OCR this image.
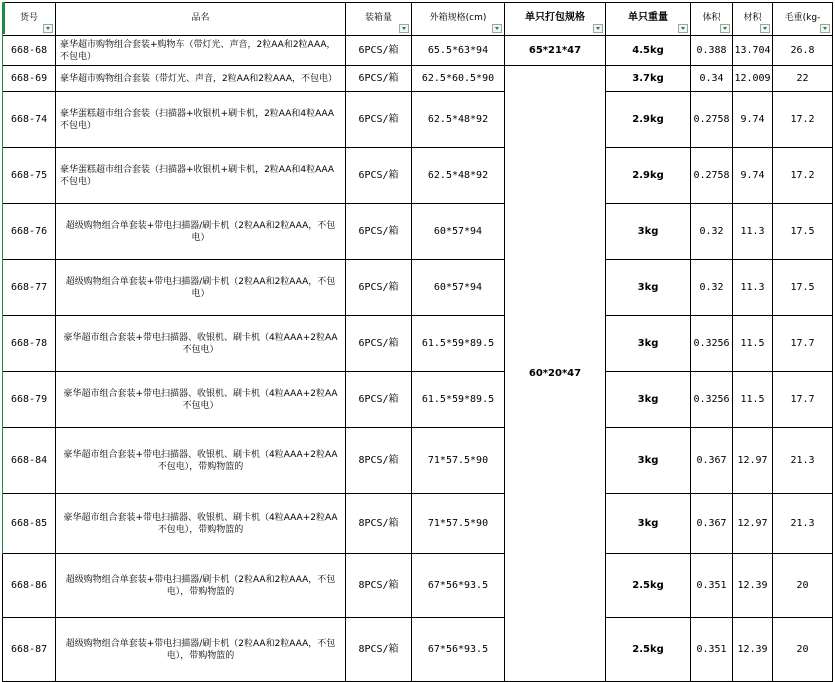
货号	品名	装箱量	外箱规格(cm)	单只打包规格	单只重量	体积	材积	毛重(kg-

668-68	豪华超市购物组合套装+购物车（带灯光、声音，2粒AA和2粒AAA，不包电）	6PCS/箱	65.5*63*94	65*21*47	4.5kg	0.388	13.704	26.8
668-69	豪华超市购物组合套装（带灯光、声音，2粒AA和2粒AAA，不包电）	6PCS/箱	62.5*60.5*90	60*20*47	3.7kg	0.34	12.009	22
668-74	豪华蛋糕超市组合套装（扫描器+收银机+刷卡机，2粒AA和4粒AAA不包电）	6PCS/箱	62.5*48*92		2.9kg	0.2758	9.74	17.2
668-75	豪华蛋糕超市组合套装（扫描器+收银机+刷卡机，2粒AA和4粒AAA不包电）	6PCS/箱	62.5*48*92		2.9kg	0.2758	9.74	17.2
668-76	超级购物组合单套装+带电扫描器/刷卡机（2粒AA和2粒AAA，不包电）	6PCS/箱	60*57*94		3kg	0.32	11.3	17.5
668-77	超级购物组合单套装+带电扫描器/刷卡机（2粒AA和2粒AAA，不包电）	6PCS/箱	60*57*94		3kg	0.32	11.3	17.5
668-78	豪华超市组合套装+带电扫描器、收银机、刷卡机（4粒AAA+2粒AA不包电）	6PCS/箱	61.5*59*89.5		3kg	0.3256	11.5	17.7
668-79	豪华超市组合套装+带电扫描器、收银机、刷卡机（4粒AAA+2粒AA不包电）	6PCS/箱	61.5*59*89.5		3kg	0.3256	11.5	17.7
668-84	豪华超市组合套装+带电扫描器、收银机、刷卡机（4粒AAA+2粒AA不包电），带购物篮的	8PCS/箱	71*57.5*90		3kg	0.367	12.97	21.3
668-85	豪华超市组合套装+带电扫描器、收银机、刷卡机（4粒AAA+2粒AA不包电），带购物篮的	8PCS/箱	71*57.5*90		3kg	0.367	12.97	21.3
668-86	超级购物组合单套装+带电扫描器/刷卡机（2粒AA和2粒AAA，不包电），带购物篮的	8PCS/箱	67*56*93.5		2.5kg	0.351	12.39	20
668-87	超级购物组合单套装+带电扫描器/刷卡机（2粒AA和2粒AAA，不包电），带购物篮的	8PCS/箱	67*56*93.5		2.5kg	0.351	12.39	20
